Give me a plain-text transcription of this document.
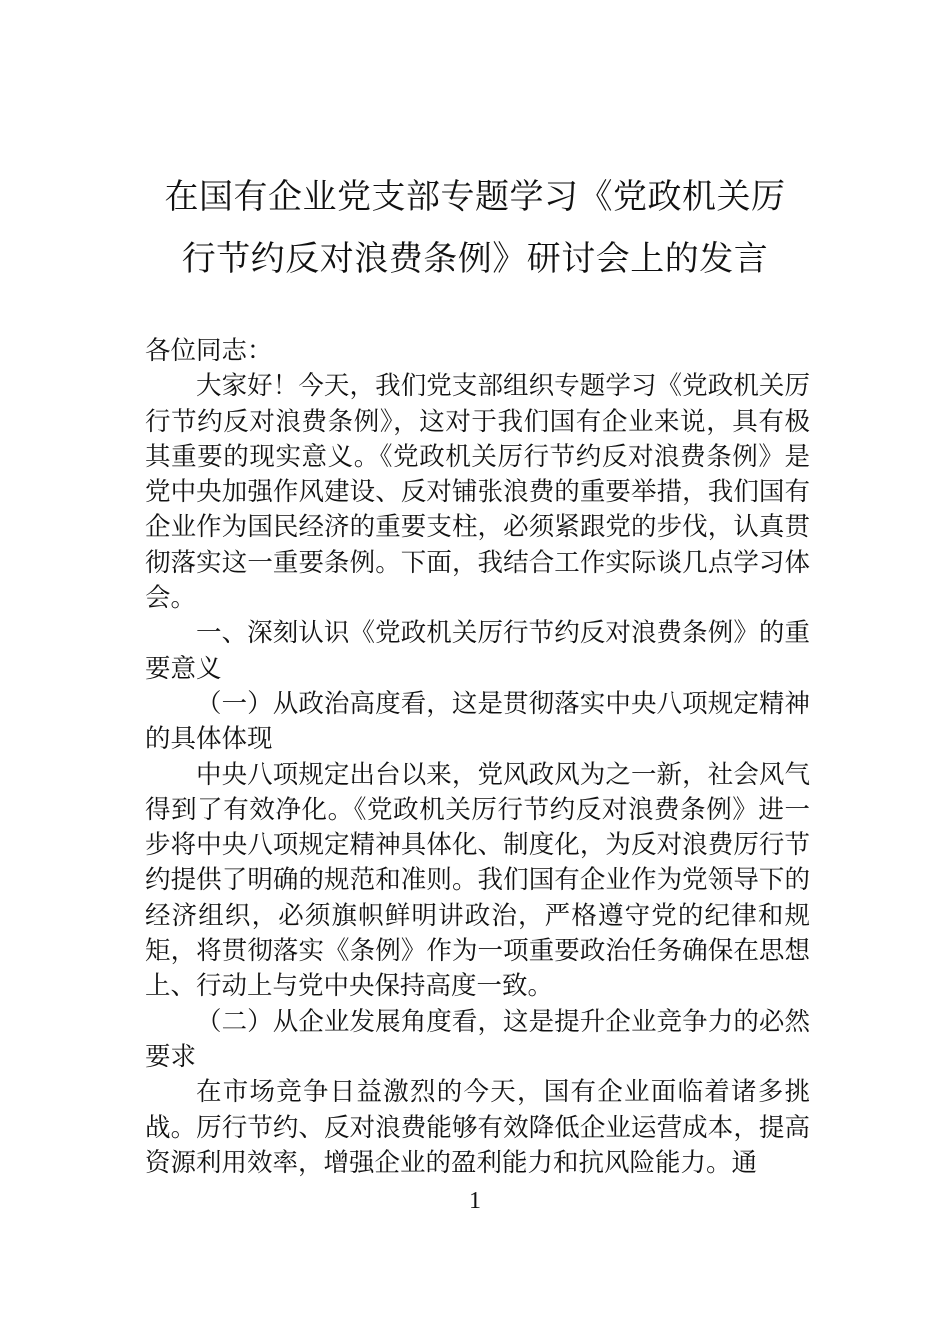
在国有企业党支部专题学习《党政机关厉
行节约反对浪费条例》研讨会上的发言

各位同志：

大家好！今天，我们党支部组织专题学习《党政机关厉行节约反对浪费条例》，这对于我们国有企业来说，具有极其重要的现实意义。《党政机关厉行节约反对浪费条例》是党中央加强作风建设、反对铺张浪费的重要举措，我们国有企业作为国民经济的重要支柱，必须紧跟党的步伐，认真贯彻落实这一重要条例。下面，我结合工作实际谈几点学习体会。

一、深刻认识《党政机关厉行节约反对浪费条例》的重要意义

（一）从政治高度看，这是贯彻落实中央八项规定精神的具体体现

中央八项规定出台以来，党风政风为之一新，社会风气得到了有效净化。《党政机关厉行节约反对浪费条例》进一步将中央八项规定精神具体化、制度化，为反对浪费厉行节约提供了明确的规范和准则。我们国有企业作为党领导下的经济组织，必须旗帜鲜明讲政治，严格遵守党的纪律和规矩，将贯彻落实《条例》作为一项重要政治任务确保在思想上、行动上与党中央保持高度一致。

（二）从企业发展角度看，这是提升企业竞争力的必然要求

在市场竞争日益激烈的今天，国有企业面临着诸多挑战。厉行节约、反对浪费能够有效降低企业运营成本，提高资源利用效率，增强企业的盈利能力和抗风险能力。通

1
